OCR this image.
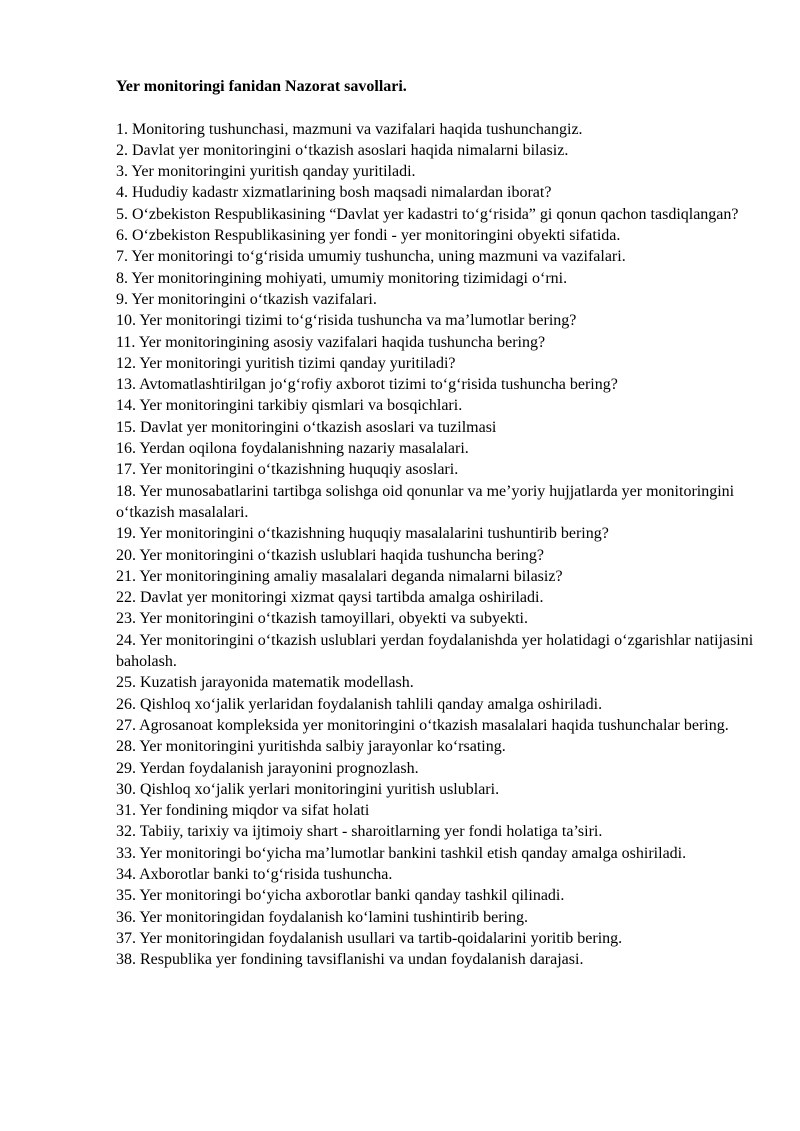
Yer monitoringi fanidan Nazorat savollari.
1. Monitoring tushunchasi, mazmuni va vazifalari haqida tushunchangiz.
2. Davlat yer monitoringini o‘tkazish asoslari haqida nimalarni bilasiz.
3. Yer monitoringini yuritish qanday yuritiladi.
4. Hududiy kadastr xizmatlarining bosh maqsadi nimalardan iborat?
5. O‘zbekiston Respublikasining “Davlat yer kadastri to‘g‘risida” gi qonun qachon tasdiqlangan?
6. O‘zbekiston Respublikasining yer fondi - yer monitoringini obyekti sifatida.
7. Yer monitoringi to‘g‘risida umumiy tushuncha, uning mazmuni va vazifalari.
8. Yer monitoringining mohiyati, umumiy monitoring tizimidagi o‘rni.
9. Yer monitoringini o‘tkazish vazifalari.
10. Yer monitoringi tizimi to‘g‘risida tushuncha va ma’lumotlar bering?
11. Yer monitoringining asosiy vazifalari haqida tushuncha bering?
12. Yer monitoringi yuritish tizimi qanday yuritiladi?
13. Avtomatlashtirilgan jo‘g‘rofiy axborot tizimi to‘g‘risida tushuncha bering?
14. Yer monitoringini tarkibiy qismlari va bosqichlari.
15. Davlat yer monitoringini o‘tkazish asoslari va tuzilmasi
16. Yerdan oqilona foydalanishning nazariy masalalari.
17. Yer monitoringini o‘tkazishning huquqiy asoslari.
18. Yer munosabatlarini tartibga solishga oid qonunlar va me’yoriy hujjatlarda yer monitoringini o‘tkazish masalalari.
19. Yer monitoringini o‘tkazishning huquqiy masalalarini tushuntirib bering?
20. Yer monitoringini o‘tkazish uslublari haqida tushuncha bering?
21. Yer monitoringining amaliy masalalari deganda nimalarni bilasiz?
22. Davlat yer monitoringi xizmat qaysi tartibda amalga oshiriladi.
23. Yer monitoringini o‘tkazish tamoyillari, obyekti va subyekti.
24. Yer monitoringini o‘tkazish uslublari yerdan foydalanishda yer holatidagi o‘zgarishlar natijasini baholash.
25. Kuzatish jarayonida matematik modellash.
26. Qishloq xo‘jalik yerlaridan foydalanish tahlili qanday amalga oshiriladi.
27. Agrosanoat kompleksida yer monitoringini o‘tkazish masalalari haqida tushunchalar bering.
28. Yer monitoringini yuritishda salbiy jarayonlar ko‘rsating.
29. Yerdan foydalanish jarayonini prognozlash.
30. Qishloq xo‘jalik yerlari monitoringini yuritish uslublari.
31. Yer fondining miqdor va sifat holati
32. Tabiiy, tarixiy va ijtimoiy shart - sharoitlarning yer fondi holatiga ta’siri.
33. Yer monitoringi bo‘yicha ma’lumotlar bankini tashkil etish qanday amalga oshiriladi.
34. Axborotlar banki to‘g‘risida tushuncha.
35. Yer monitoringi bo‘yicha axborotlar banki qanday tashkil qilinadi.
36. Yer monitoringidan foydalanish ko‘lamini tushintirib bering.
37. Yer monitoringidan foydalanish usullari va tartib-qoidalarini yoritib bering.
38. Respublika yer fondining tavsiflanishi va undan foydalanish darajasi.
